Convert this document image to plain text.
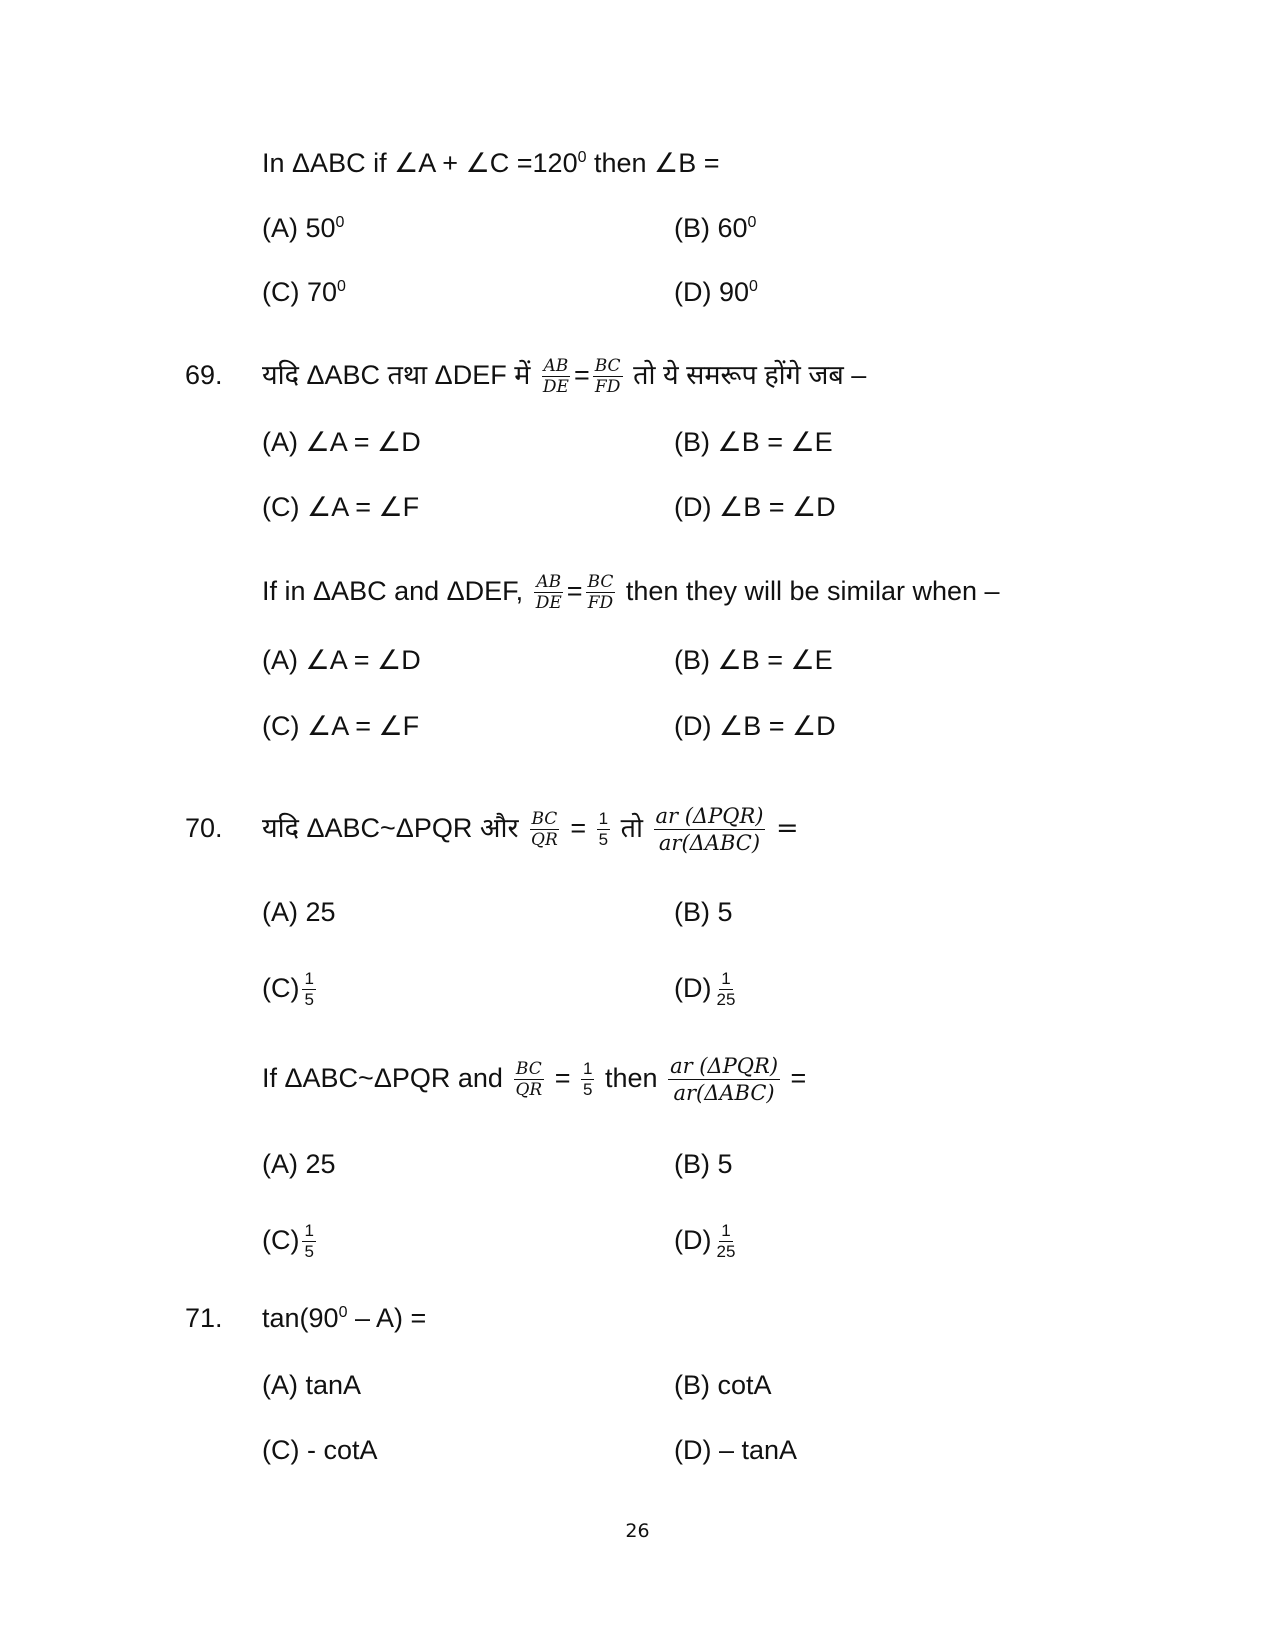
In ΔABC if ∠A + ∠C $=120^0$ then ∠B =
(A) $50^0$	(B) $60^0$
(C) $70^0$	(D) $90^0$
69. यदि ΔABC तथा ΔDEF में $\frac{AB}{DE} = \frac{BC}{FD}$ तो ये समरूप होंगे जब –
(A) ∠A = ∠D	(B) ∠B = ∠E
(C) ∠A = ∠F	(D) ∠B = ∠D
If in ΔABC and ΔDEF, $\frac{AB}{DE} = \frac{BC}{FD}$ then they will be similar when –
(A) ∠A = ∠D	(B) ∠B = ∠E
(C) ∠A = ∠F	(D) ∠B = ∠D
70. यदि ΔABC~ΔPQR और $\frac{BC}{QR} = \frac{1}{5}$ तो $\frac{\text{ar (ΔPQR)}}{\text{ar(ΔABC)}}$ =
(A) 25	(B) 5
$(C) \frac{1}{5}$	$(D) \frac{1}{25}$
If ΔABC~ΔPQR and $\frac{BC}{QR} = \frac{1}{5}$ then $\frac{\text{ar (ΔPQR)}}{\text{ar(ΔABC)}}$ =
(A) 25	(B) 5
$(C) \frac{1}{5}$	$(D) \frac{1}{25}$
71. $\tan(90^0 - A)$ =
(A) tanA	(B) cotA
(C) - cotA	(D) – tanA
26
